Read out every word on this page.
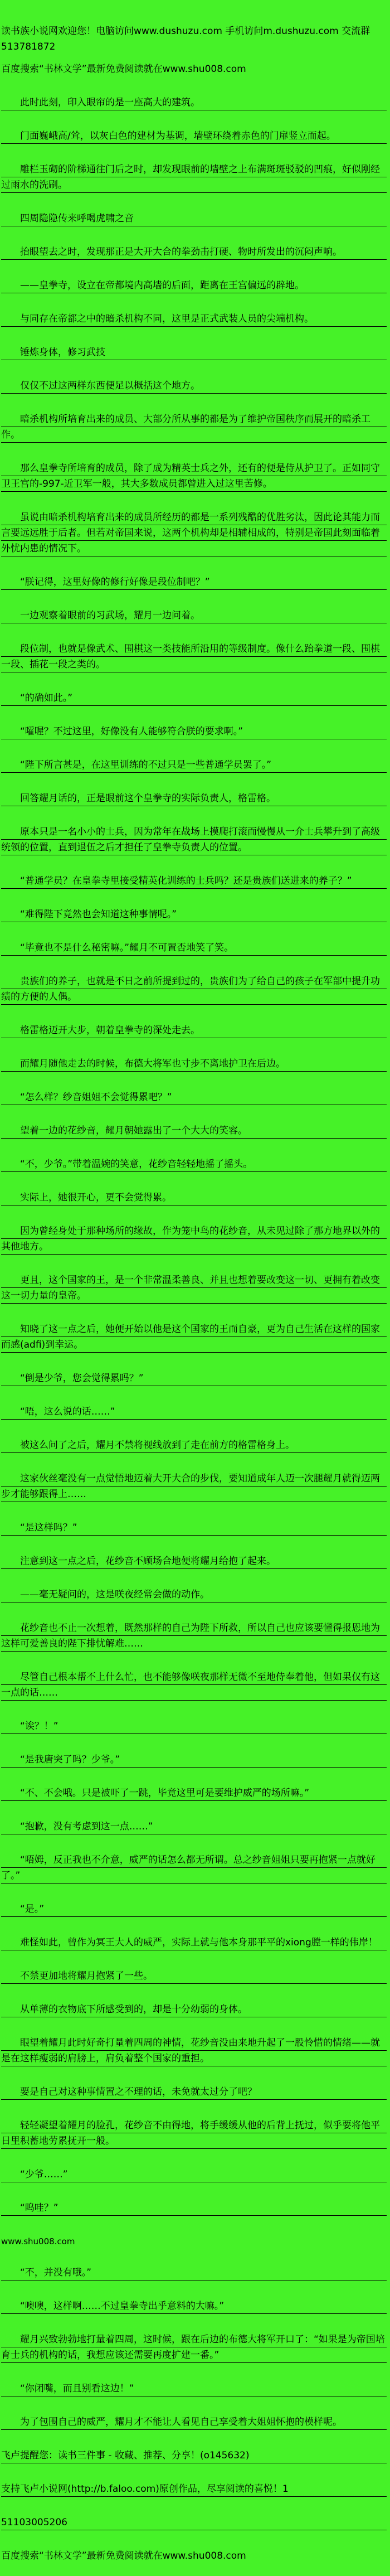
读书族小说网欢迎您！电脑访问www.dushuzu.com 手机访问m.dushuzu.com 交流群513781872

百度搜索“书林文学”最新免费阅读就在www.shu008.com

此时此刻，印入眼帘的是一座高大的建筑。

门面巍峨高/耸，以灰白色的建材为基调，墙壁环绕着赤色的门扉竖立而起。

雕栏玉砌的阶梯通往门后之时，却发现眼前的墙壁之上布满斑斑驳驳的凹痕，好似刚经过雨水的洗刷。

四周隐隐传来呼喝虎啸之音

抬眼望去之时，发现那正是大开大合的拳劲击打硬、物时所发出的沉闷声响。

——皇拳寺，设立在帝都境内高墙的后面，距离在王宫偏远的辟地。

与同存在帝都之中的暗杀机构不同，这里是正式武装人员的尖端机构。

锤炼身体，修习武技

仅仅不过这两样东西便足以概括这个地方。

暗杀机构所培育出来的成员、大部分所从事的都是为了维护帝国秩序而展开的暗杀工作。

那么皇拳寺所培育的成员，除了成为精英士兵之外，还有的便是侍从护卫了。正如同守卫王宫的-997-近卫军一般，其大多数成员都曾进入过这里苦修。

虽说由暗杀机构培育出来的成员所经历的都是一系列残酷的优胜劣汰，因此论其能力而言要远远胜于后者。但若对帝国来说，这两个机构却是相辅相成的，特别是帝国此刻面临着外忧内患的情况下。

“朕记得，这里好像的修行好像是段位制吧？”

一边观察着眼前的习武场，耀月一边问着。

段位制，也就是像武术、围棋这一类技能所沿用的等级制度。像什么跆拳道一段、围棋一段、插花一段之类的。

“的确如此。”

“嚯喔？不过这里，好像没有人能够符合朕的要求啊。”

“陛下所言甚是，在这里训练的不过只是一些普通学员罢了。”

回答耀月话的，正是眼前这个皇拳寺的实际负责人，格雷格。

原本只是一名小小的士兵，因为常年在战场上摸爬打滚而慢慢从一介士兵攀升到了高级统领的位置，直到退伍之后才担任了皇拳寺负责人的位置。

“普通学员？在皇拳寺里接受精英化训练的士兵吗？还是贵族们送进来的养子？”

“难得陛下竟然也会知道这种事情呢。”

“毕竟也不是什么秘密嘛。”耀月不可置否地笑了笑。

贵族们的养子，也就是不日之前所提到过的，贵族们为了给自己的孩子在军部中提升功绩的方便的人偶。

格雷格迈开大步，朝着皇拳寺的深处走去。

而耀月随他走去的时候，布德大将军也寸步不离地护卫在后边。

“怎么样？纱音姐姐不会觉得累吧？”

望着一边的花纱音，耀月朝她露出了一个大大的笑容。

“不，少爷。”带着温婉的笑意，花纱音轻轻地摇了摇头。

实际上，她很开心，更不会觉得累。

因为曾经身处于那种场所的缘故，作为笼中鸟的花纱音，从未见过除了那方地界以外的其他地方。

更且，这个国家的王，是一个非常温柔善良、并且也想着要改变这一切、更拥有着改变这一切力量的皇帝。

知晓了这一点之后，她便开始以他是这个国家的王而自豪，更为自己生活在这样的国家而感(adfi)到幸运。

“倒是少爷，您会觉得累吗？”

“唔，这么说的话……”

被这么问了之后，耀月不禁将视线放到了走在前方的格雷格身上。

这家伙丝毫没有一点觉悟地迈着大开大合的步伐，要知道成年人迈一次腿耀月就得迈两步才能够跟得上……

“是这样吗？”

注意到这一点之后，花纱音不顾场合地便将耀月给抱了起来。

——毫无疑问的，这是咲夜经常会做的动作。

花纱音也不止一次想着，既然那样的自己为陛下所救，所以自己也应该要懂得报恩地为这样可爱善良的陛下排忧解难……

尽管自己根本帮不上什么忙，也不能够像咲夜那样无微不至地侍奉着他，但如果仅有这一点的话……

“诶？！”

“是我唐突了吗？少爷。”

“不、不会哦。只是被吓了一跳，毕竟这里可是要维护威严的场所嘛。”

“抱歉，没有考虑到这一点……”

“唔姆，反正我也不介意，威严的话怎么都无所谓。总之纱音姐姐只要再抱紧一点就好了。”

“是。”

难怪如此，曾作为冥王大人的威严，实际上就与他本身那平平的xiong膛一样的伟岸！

不禁更加地将耀月抱紧了一些。

从单薄的衣物底下所感受到的，却是十分幼弱的身体。

眼望着耀月此时好奇打量着四周的神情，花纱音没由来地升起了一股怜惜的情绪——就是在这样瘦弱的肩膀上，肩负着整个国家的重担。

要是自己对这种事情置之不理的话，未免就太过分了吧？

轻轻凝望着耀月的脸孔，花纱音不由得地，将手缓缓从他的后背上抚过，似乎要将他平日里积蓄地劳累抚开一般。

“少爷……”

“呜哇？”

www.shu008.com

“不，并没有哦。”

“噢噢，这样啊……不过皇拳寺出乎意料的大嘛。”

耀月兴致勃勃地打量着四周，这时候，跟在后边的布德大将军开口了：“如果是为帝国培育士兵的机构的话，我想应该还需要再度扩建一番。”

“你闭嘴，而且别看这边！”

为了包围自己的威严，耀月才不能让人看见自己享受着大姐姐怀抱的模样呢。

飞卢提醒您：读书三件事 - 收藏、推荐、分享！(o145632)

支持飞卢小说网(http://b.faloo.com)原创作品，尽享阅读的喜悦！1

51103005206

百度搜索“书林文学”最新免费阅读就在www.shu008.com
